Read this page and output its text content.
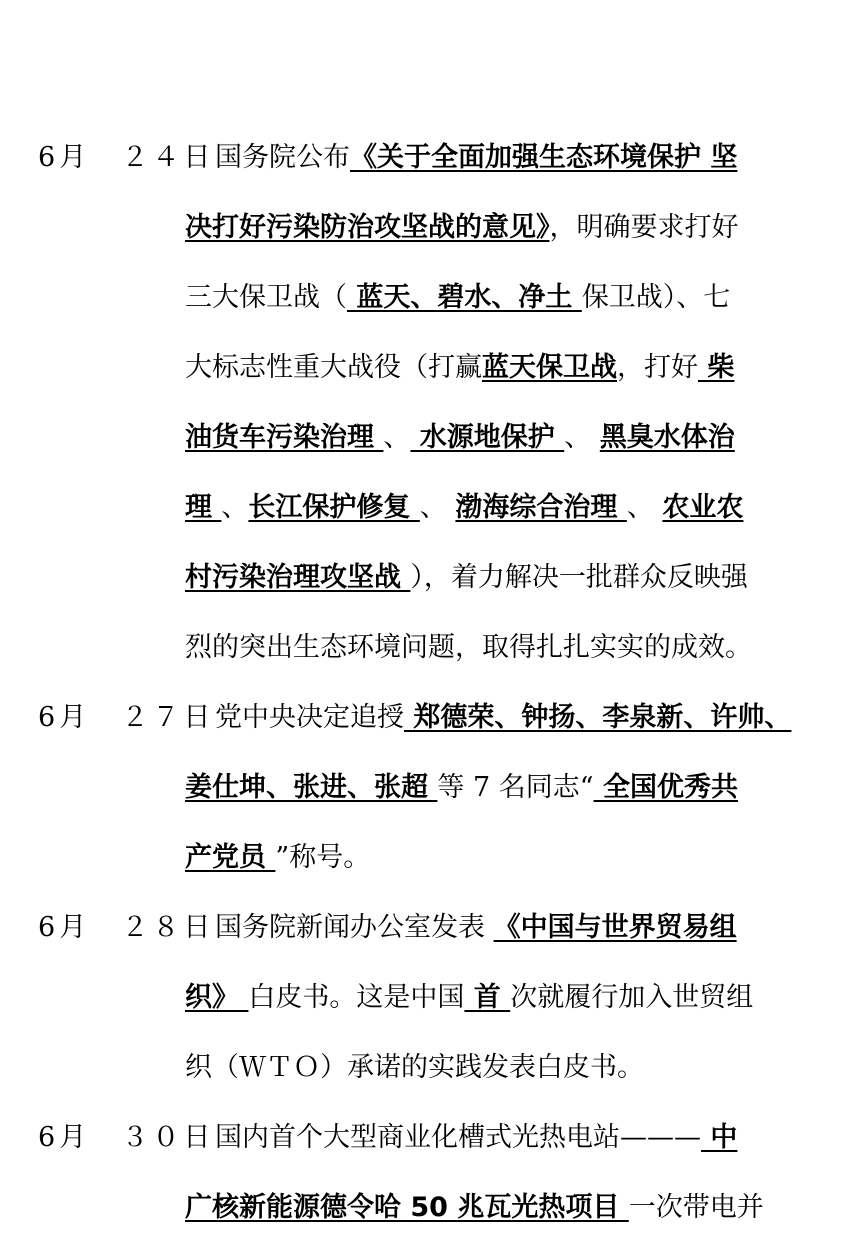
6月　２４日 国务院公布《关于全面加强生态环境保护 坚
决打好污染防治攻坚战的意见》，明确要求打好
三大保卫战（ 蓝天、碧水、净土 保卫战）、七
大标志性重大战役（打赢蓝天保卫战，打好 柴
油货车污染治理 、 水源地保护 、 黑臭水体治
理 、长江保护修复 、 渤海综合治理 、 农业农
村污染治理攻坚战 ），着力解决一批群众反映强
烈的突出生态环境问题，取得扎扎实实的成效。
6月　２７日 党中央决定追授 郑德荣、钟扬、李泉新、许帅、
姜仕坤、张进、张超 等 7 名同志“ 全国优秀共
产党员 ”称号。
6月　２８日 国务院新闻办公室发表 《中国与世界贸易组
织》 白皮书。这是中国 首 次就履行加入世贸组
织（ＷＴＯ）承诺的实践发表白皮书。
6月　３０日 国内首个大型商业化槽式光热电站——— 中
广核新能源德令哈 50 兆瓦光热项目 一次带电并
